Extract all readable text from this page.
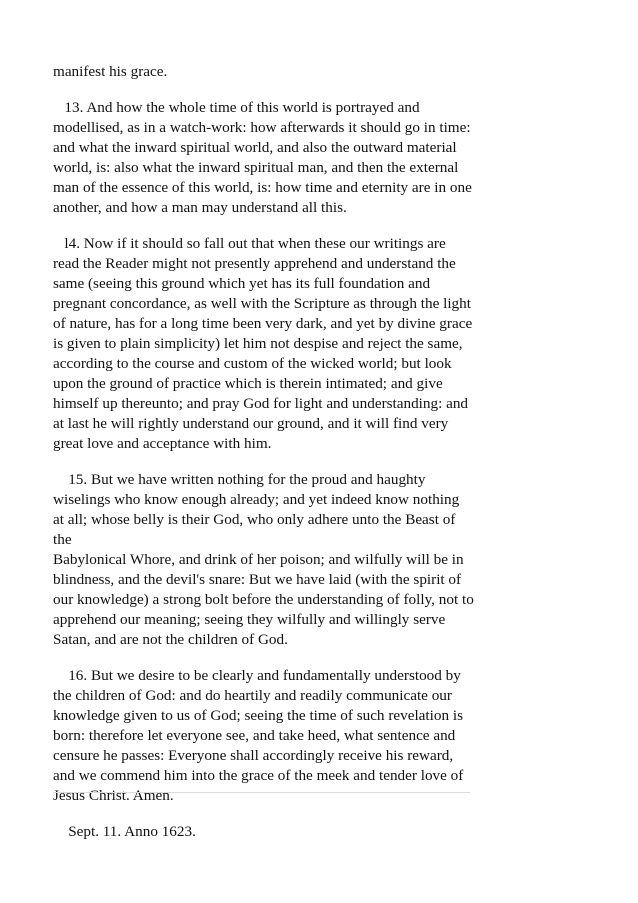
manifest his grace.

13. And how the whole time of this world is portrayed and

modellised, as in a watch-work: how afterwards it should go in time:

and what the inward spiritual world, and also the outward material

world, is: also what the inward spiritual man, and then the external

man of the essence of this world, is: how time and eternity are in one

another, and how a man may understand all this.

l4. Now if it should so fall out that when these our writings are

read the Reader might not presently apprehend and understand the

same (seeing this ground which yet has its full foundation and

pregnant concordance, as well with the Scripture as through the light

of nature, has for a long time been very dark, and yet by divine grace

is given to plain simplicity) let him not despise and reject the same,

according to the course and custom of the wicked world; but look

upon the ground of practice which is therein intimated; and give

himself up thereunto; and pray God for light and understanding: and

at last he will rightly understand our ground, and it will find very

great love and acceptance with him.

15. But we have written nothing for the proud and haughty

wiselings who know enough already; and yet indeed know nothing

at all; whose belly is their God, who only adhere unto the Beast of

the

Babylonical Whore, and drink of her poison; and wilfully will be in

blindness, and the devil's snare: But we have laid (with the spirit of

our knowledge) a strong bolt before the understanding of folly, not to

apprehend our meaning; seeing they wilfully and willingly serve

Satan, and are not the children of God.

16. But we desire to be clearly and fundamentally understood by

the children of God: and do heartily and readily communicate our

knowledge given to us of God; seeing the time of such revelation is

born: therefore let everyone see, and take heed, what sentence and

censure he passes: Everyone shall accordingly receive his reward,

and we commend him into the grace of the meek and tender love of

Jesus Christ. Amen.

Sept. 11. Anno 1623.
